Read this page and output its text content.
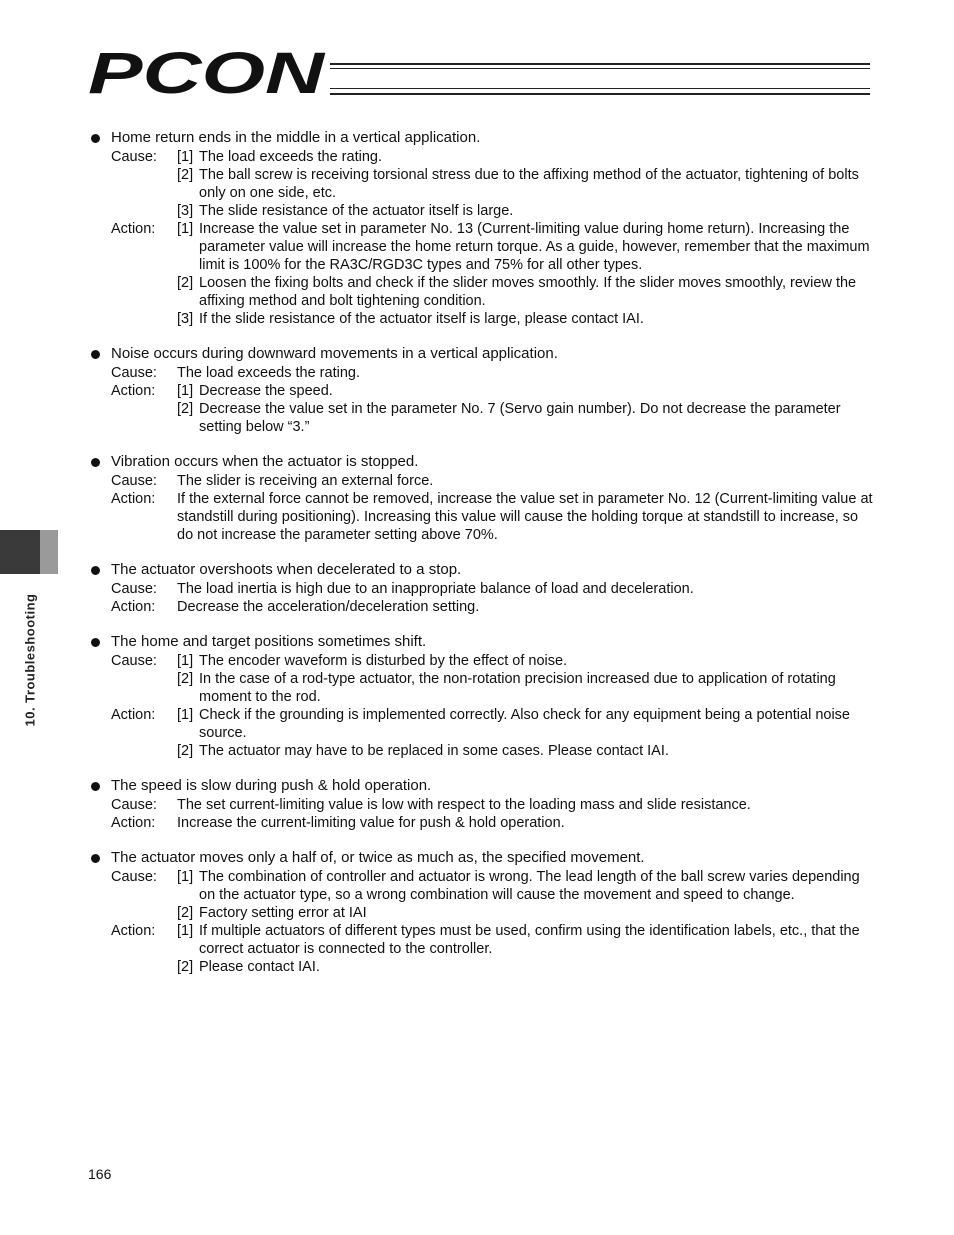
PCON
10. Troubleshooting
Home return ends in the middle in a vertical application.
Cause:	[1] The load exceeds the rating.
[2] The ball screw is receiving torsional stress due to the affixing method of the actuator, tightening of bolts only on one side, etc.
[3] The slide resistance of the actuator itself is large.
Action:	[1] Increase the value set in parameter No. 13 (Current-limiting value during home return). Increasing the parameter value will increase the home return torque. As a guide, however, remember that the maximum limit is 100% for the RA3C/RGD3C types and 75% for all other types.
[2] Loosen the fixing bolts and check if the slider moves smoothly. If the slider moves smoothly, review the affixing method and bolt tightening condition.
[3] If the slide resistance of the actuator itself is large, please contact IAI.
Noise occurs during downward movements in a vertical application.
Cause:	The load exceeds the rating.
Action:	[1] Decrease the speed.
[2] Decrease the value set in the parameter No. 7 (Servo gain number). Do not decrease the parameter setting below “3.”
Vibration occurs when the actuator is stopped.
Cause:	The slider is receiving an external force.
Action:	If the external force cannot be removed, increase the value set in parameter No. 12 (Current-limiting value at standstill during positioning). Increasing this value will cause the holding torque at standstill to increase, so do not increase the parameter setting above 70%.
The actuator overshoots when decelerated to a stop.
Cause:	The load inertia is high due to an inappropriate balance of load and deceleration.
Action:	Decrease the acceleration/deceleration setting.
The home and target positions sometimes shift.
Cause:	[1] The encoder waveform is disturbed by the effect of noise.
[2] In the case of a rod-type actuator, the non-rotation precision increased due to application of rotating moment to the rod.
Action:	[1] Check if the grounding is implemented correctly. Also check for any equipment being a potential noise source.
[2] The actuator may have to be replaced in some cases. Please contact IAI.
The speed is slow during push & hold operation.
Cause:	The set current-limiting value is low with respect to the loading mass and slide resistance.
Action:	Increase the current-limiting value for push & hold operation.
The actuator moves only a half of, or twice as much as, the specified movement.
Cause:	[1] The combination of controller and actuator is wrong. The lead length of the ball screw varies depending on the actuator type, so a wrong combination will cause the movement and speed to change.
[2] Factory setting error at IAI
Action:	[1] If multiple actuators of different types must be used, confirm using the identification labels, etc., that the correct actuator is connected to the controller.
[2] Please contact IAI.
166
